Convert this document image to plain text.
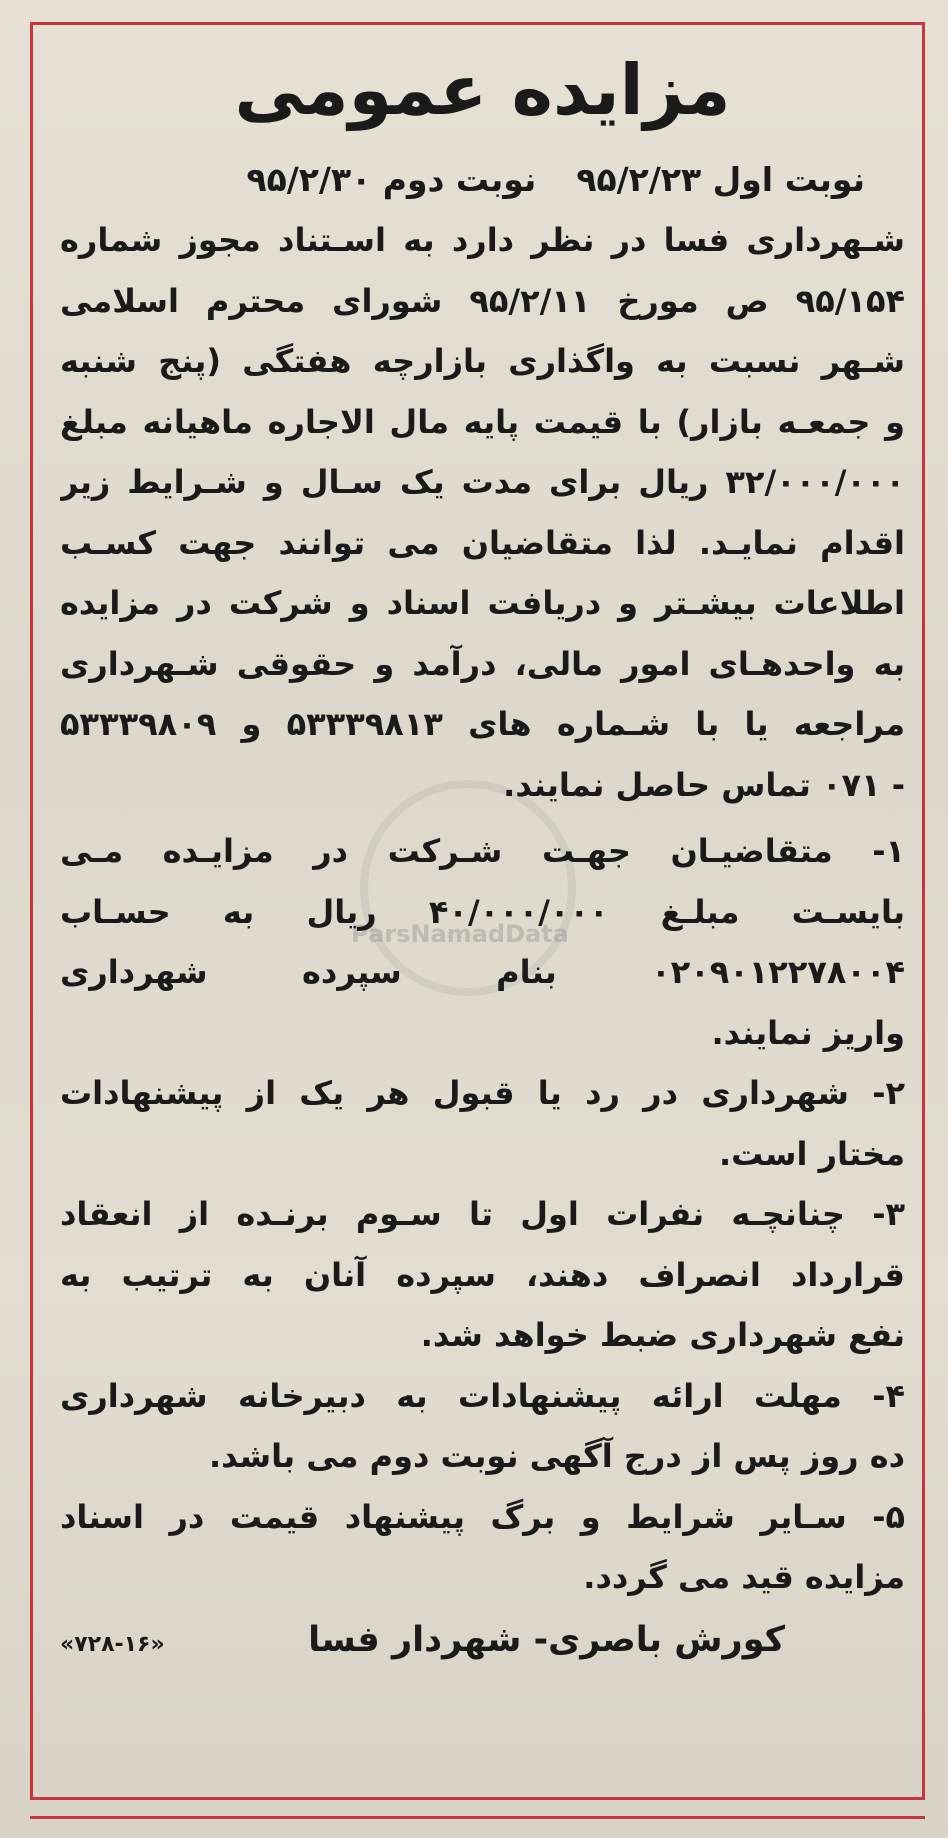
ParsNamadData
مزایده عمومی
نوبت اول ۹۵/۲/۲۳
نوبت دوم ۹۵/۲/۳۰
شـهرداری فسا در نظر دارد به اسـتناد مجوز شماره
۹۵/۱۵۴ ص مورخ ۹۵/۲/۱۱ شورای محترم اسلامی
شـهر نسبت به واگذاری بازارچه هفتگی (پنج شنبه
و جمعـه بازار) با قیمت پایه مال الاجاره ماهیانه مبلغ
۳۲/۰۰۰/۰۰۰ ریال برای مدت یک سـال و شـرایط زیر
اقدام نمایـد. لذا متقاضیان می توانند جهت کسـب
اطلاعات بیشـتر و دریافت اسناد و شرکت در مزایده
به واحدهـای امور مالی، درآمد و حقوقی شـهرداری
مراجعه یا با شـماره های ۵۳۳۳۹۸۱۳ و ۵۳۳۳۹۸۰۹
- ۰۷۱ تماس حاصل نمایند.
۱- متقاضیـان جهـت شـرکت در مزایـده مـی
بایسـت مبلـغ ۴۰/۰۰۰/۰۰۰ ریال به حسـاب
۰۲۰۹۰۱۲۲۷۸۰۰۴ بنام سپرده شهرداری
واریز نمایند.
۲- شهرداری در رد یا قبول هر یک از پیشنهادات
مختار است.
۳- چنانچـه نفرات اول تا سـوم برنـده از انعقاد
قرارداد انصراف دهند، سپرده آنان به ترتیب به
نفع شهرداری ضبط خواهد شد.
۴- مهلت ارائه پیشنهادات به دبیرخانه شهرداری
ده روز پس از درج آگهی نوبت دوم می باشد.
۵- سـایر شرایط و برگ پیشنهاد قیمت در اسناد
مزایده قید می گردد.
کورش باصری- شهردار فسا
«۷۲۸-۱۶»
